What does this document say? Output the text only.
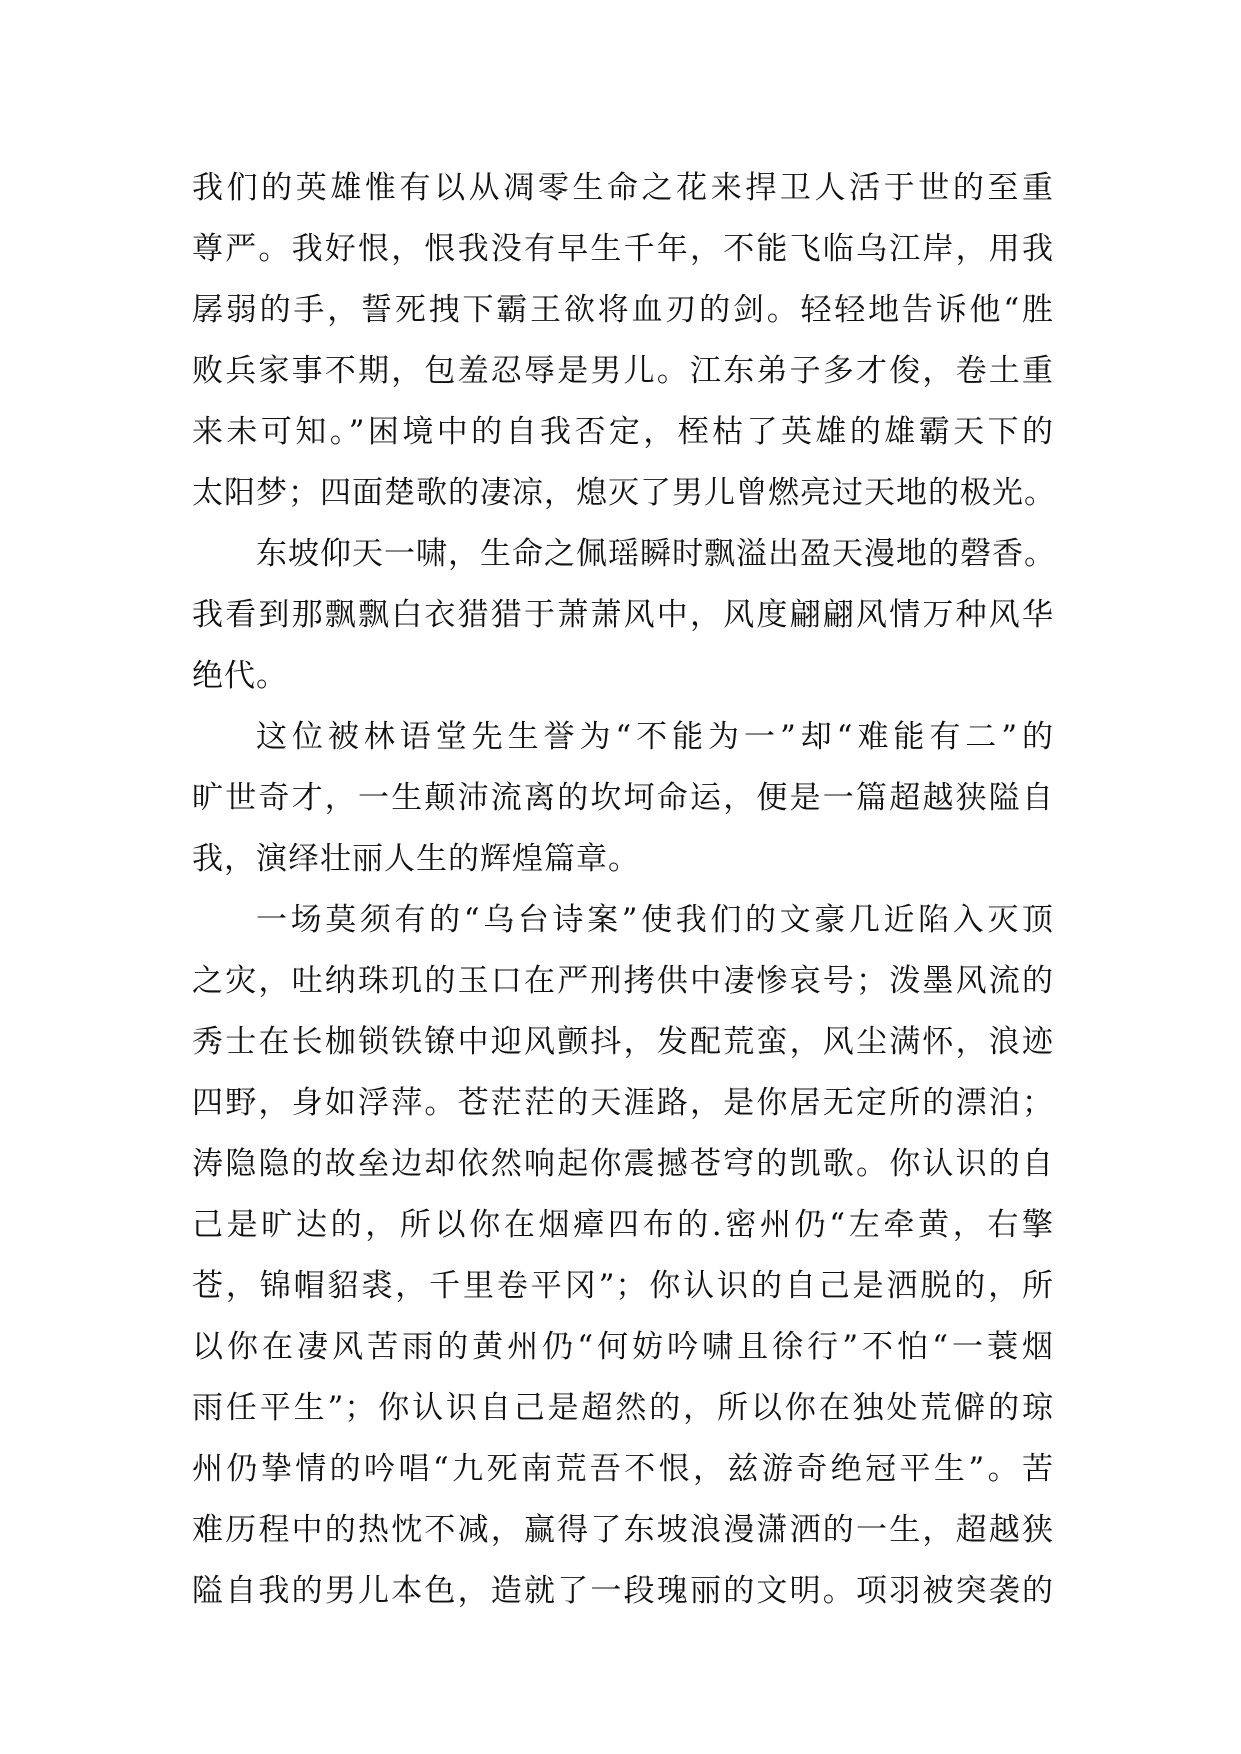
我们的英雄惟有以从凋零生命之花来捍卫人活于世的至重
尊严。我好恨，恨我没有早生千年，不能飞临乌江岸，用我
孱弱的手，誓死拽下霸王欲将血刃的剑。轻轻地告诉他“胜
败兵家事不期，包羞忍辱是男儿。江东弟子多才俊，卷土重
来未可知。”困境中的自我否定，桎枯了英雄的雄霸天下的
太阳梦；四面楚歌的凄凉，熄灭了男儿曾燃亮过天地的极光。
东坡仰天一啸，生命之佩瑶瞬时飘溢出盈天漫地的磬香。
我看到那飘飘白衣猎猎于萧萧风中，风度翩翩风情万种风华
绝代。
这位被林语堂先生誉为“不能为一”却“难能有二”的
旷世奇才，一生颠沛流离的坎坷命运，便是一篇超越狭隘自
我，演绎壮丽人生的辉煌篇章。
一场莫须有的“乌台诗案”使我们的文豪几近陷入灭顶
之灾，吐纳珠玑的玉口在严刑拷供中凄惨哀号；泼墨风流的
秀士在长枷锁铁镣中迎风颤抖，发配荒蛮，风尘满怀，浪迹
四野，身如浮萍。苍茫茫的天涯路，是你居无定所的漂泊；
涛隐隐的故垒边却依然响起你震撼苍穹的凯歌。你认识的自
己是旷达的，所以你在烟瘴四布的.密州仍“左牵黄，右擎
苍，锦帽貂裘，千里卷平冈”；你认识的自己是洒脱的，所
以你在凄风苦雨的黄州仍“何妨吟啸且徐行”不怕“一蓑烟
雨任平生”；你认识自己是超然的，所以你在独处荒僻的琼
州仍挚情的吟唱“九死南荒吾不恨，兹游奇绝冠平生”。苦
难历程中的热忱不减，赢得了东坡浪漫潇洒的一生，超越狭
隘自我的男儿本色，造就了一段瑰丽的文明。项羽被突袭的
